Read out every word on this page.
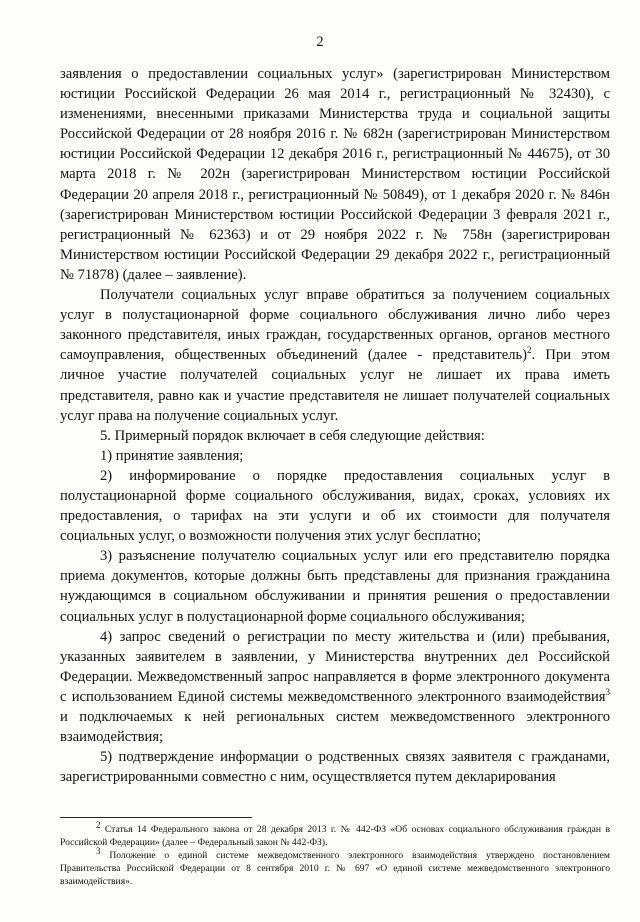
2

заявления о предоставлении социальных услуг» (зарегистрирован Министерством юстиции Российской Федерации 26 мая 2014 г., регистрационный № 32430), с изменениями, внесенными приказами Министерства труда и социальной защиты Российской Федерации от 28 ноября 2016 г. № 682н (зарегистрирован Министерством юстиции Российской Федерации 12 декабря 2016 г., регистрационный № 44675), от 30 марта 2018 г. № 202н (зарегистрирован Министерством юстиции Российской Федерации 20 апреля 2018 г., регистрационный № 50849), от 1 декабря 2020 г. № 846н (зарегистрирован Министерством юстиции Российской Федерации 3 февраля 2021 г., регистрационный № 62363) и от 29 ноября 2022 г. № 758н (зарегистрирован Министерством юстиции Российской Федерации 29 декабря 2022 г., регистрационный № 71878) (далее – заявление).

Получатели социальных услуг вправе обратиться за получением социальных услуг в полустационарной форме социального обслуживания лично либо через законного представителя, иных граждан, государственных органов, органов местного самоуправления, общественных объединений (далее - представитель)$^2$. При этом личное участие получателей социальных услуг не лишает их права иметь представителя, равно как и участие представителя не лишает получателей социальных услуг права на получение социальных услуг.

5. Примерный порядок включает в себя следующие действия:

1) принятие заявления;

2) информирование о порядке предоставления социальных услуг в полустационарной форме социального обслуживания, видах, сроках, условиях их предоставления, о тарифах на эти услуги и об их стоимости для получателя социальных услуг, о возможности получения этих услуг бесплатно;

3) разъяснение получателю социальных услуг или его представителю порядка приема документов, которые должны быть представлены для признания гражданина нуждающимся в социальном обслуживании и принятия решения о предоставлении социальных услуг в полустационарной форме социального обслуживания;

4) запрос сведений о регистрации по месту жительства и (или) пребывания, указанных заявителем в заявлении, у Министерства внутренних дел Российской Федерации. Межведомственный запрос направляется в форме электронного документа с использованием Единой системы межведомственного электронного взаимодействия$^3$ и подключаемых к ней региональных систем межведомственного электронного взаимодействия;

5) подтверждение информации о родственных связях заявителя с гражданами, зарегистрированными совместно с ним, осуществляется путем декларирования

$^2$ Статья 14 Федерального закона от 28 декабря 2013 г. № 442-ФЗ «Об основах социального обслуживания граждан в Российской Федерации» (далее – Федеральный закон № 442-ФЗ).

$^3$ Положение о единой системе межведомственного электронного взаимодействия утверждено постановлением Правительства Российской Федерации от 8 сентября 2010 г. № 697 «О единой системе межведомственного электронного взаимодействия».
